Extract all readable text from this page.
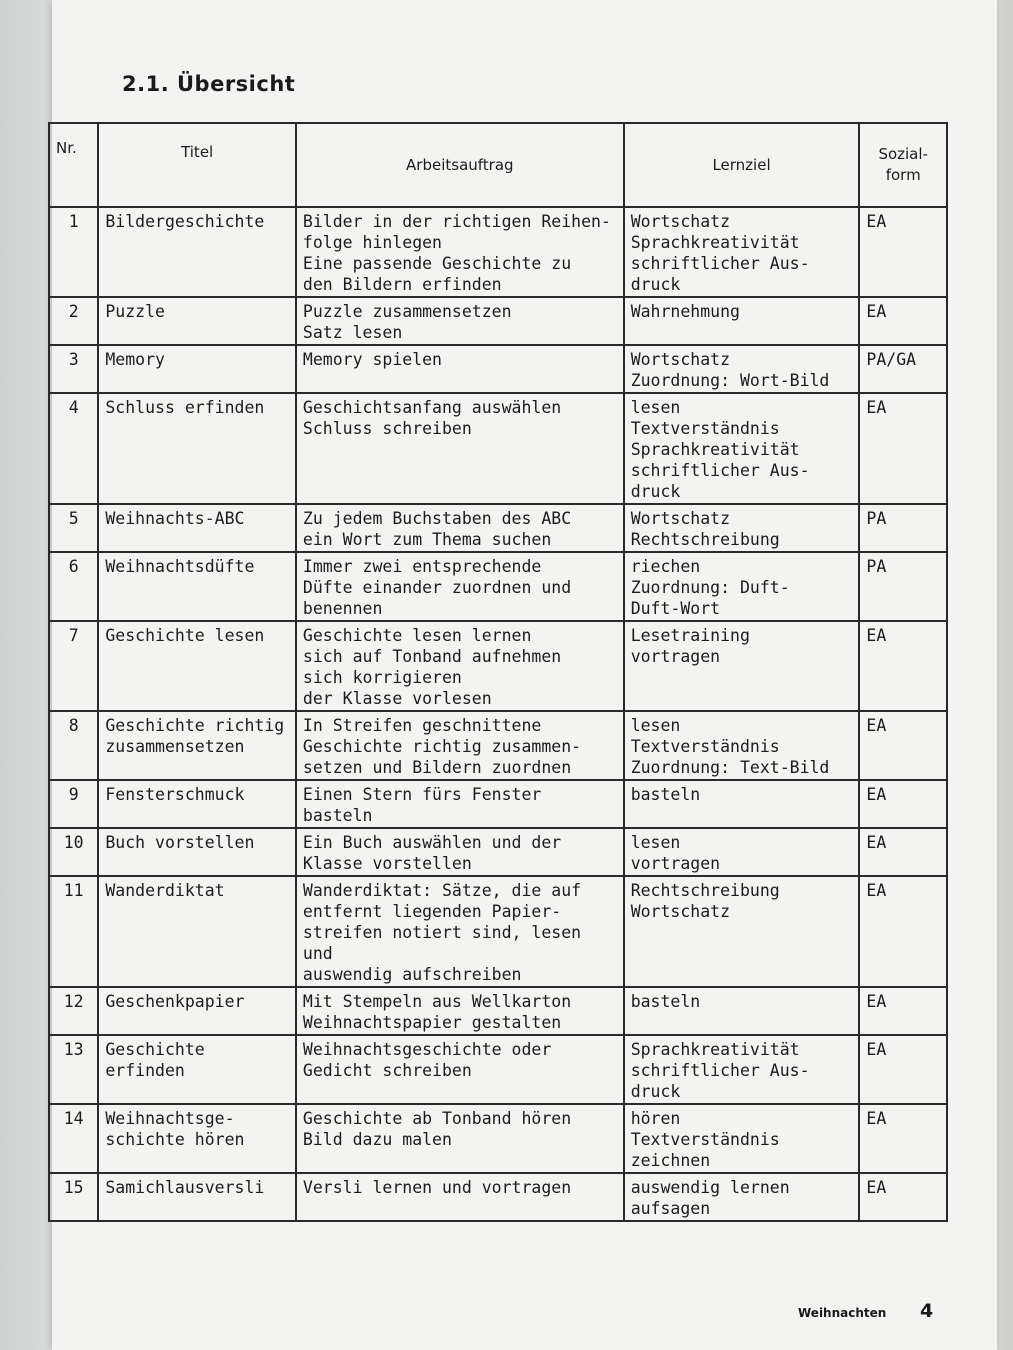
2.1. Übersicht
Nr.	Titel	Arbeitsauftrag	Lernziel	Sozial-
form
1	Bildergeschichte	Bilder in der richtigen Reihen-
folge hinlegen
Eine passende Geschichte zu
den Bildern erfinden	Wortschatz
Sprachkreativität
schriftlicher Aus-
druck	EA
2	Puzzle	Puzzle zusammensetzen
Satz lesen	Wahrnehmung	EA
3	Memory	Memory spielen	Wortschatz
Zuordnung: Wort-Bild	PA/GA
4	Schluss erfinden	Geschichtsanfang auswählen
Schluss schreiben	lesen
Textverständnis
Sprachkreativität
schriftlicher Aus-
druck	EA
5	Weihnachts-ABC	Zu jedem Buchstaben des ABC
ein Wort zum Thema suchen	Wortschatz
Rechtschreibung	PA
6	Weihnachtsdüfte	Immer zwei entsprechende
Düfte einander zuordnen und
benennen	riechen
Zuordnung: Duft-
Duft-Wort	PA
7	Geschichte lesen	Geschichte lesen lernen
sich auf Tonband aufnehmen
sich korrigieren
der Klasse vorlesen	Lesetraining
vortragen	EA
8	Geschichte richtig
zusammensetzen	In Streifen geschnittene
Geschichte richtig zusammen-
setzen und Bildern zuordnen	lesen
Textverständnis
Zuordnung: Text-Bild	EA
9	Fensterschmuck	Einen Stern fürs Fenster
basteln	basteln	EA
10	Buch vorstellen	Ein Buch auswählen und der
Klasse vorstellen	lesen
vortragen	EA
11	Wanderdiktat	Wanderdiktat: Sätze, die auf
entfernt liegenden Papier-
streifen notiert sind, lesen und
auswendig aufschreiben	Rechtschreibung
Wortschatz	EA
12	Geschenkpapier	Mit Stempeln aus Wellkarton
Weihnachtspapier gestalten	basteln	EA
13	Geschichte
erfinden	Weihnachtsgeschichte oder
Gedicht schreiben	Sprachkreativität
schriftlicher Aus-
druck	EA
14	Weihnachtsge-
schichte hören	Geschichte ab Tonband hören
Bild dazu malen	hören
Textverständnis
zeichnen	EA
15	Samichlausversli	Versli lernen und vortragen	auswendig lernen
aufsagen	EA
Weihnachten 4
